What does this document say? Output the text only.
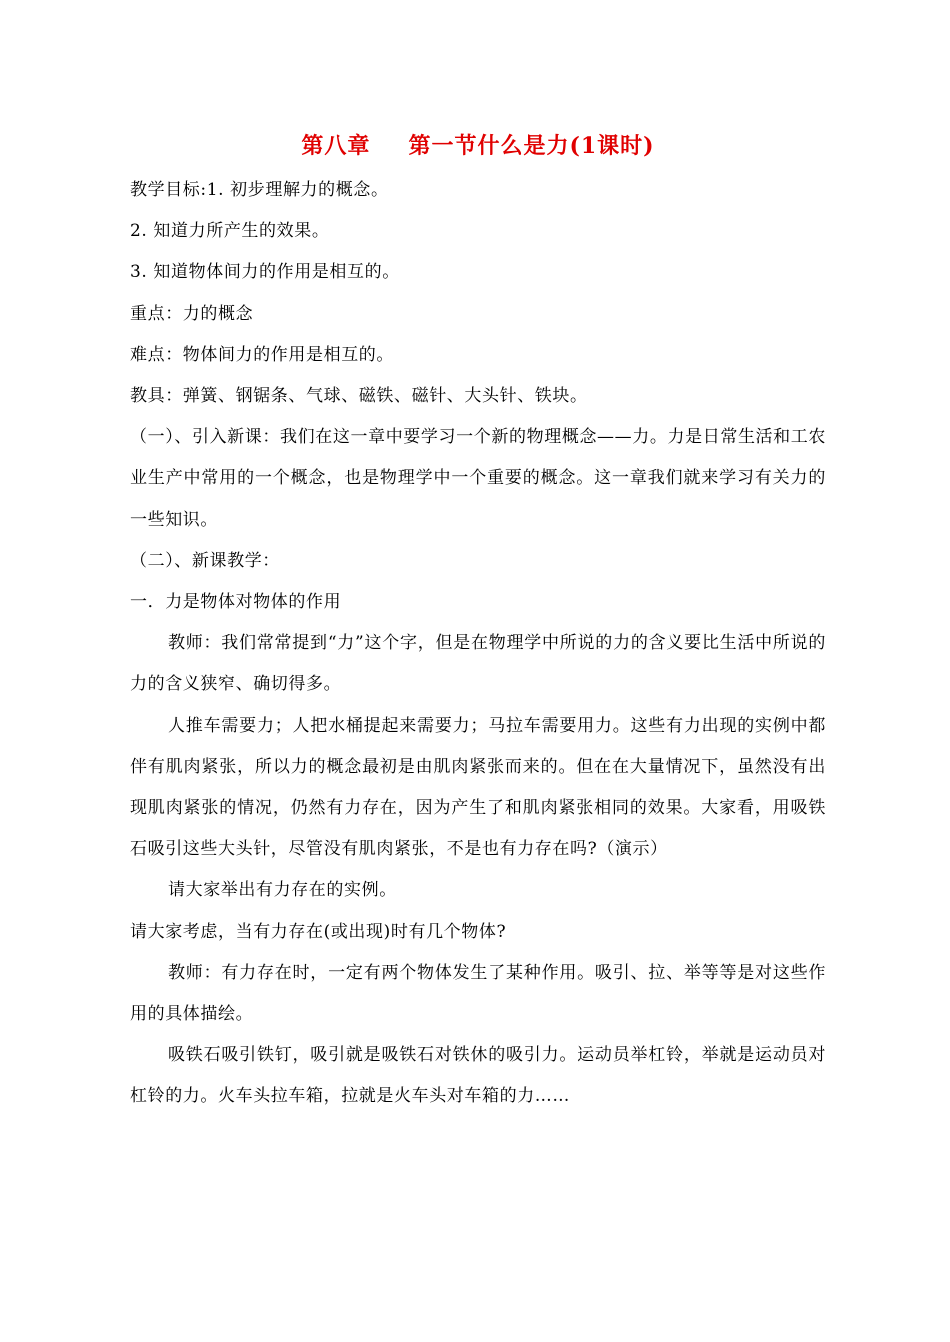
第八章 第一节什么是力(1课时)

教学目标:1. 初步理解力的概念。

2. 知道力所产生的效果。

3. 知道物体间力的作用是相互的。

重点：力的概念

难点：物体间力的作用是相互的。

教具：弹簧、钢锯条、气球、磁铁、磁针、大头针、铁块。

（一）、引入新课：我们在这一章中要学习一个新的物理概念——力。力是日常生活和工农业生产中常用的一个概念，也是物理学中一个重要的概念。这一章我们就来学习有关力的一些知识。

（二）、新课教学：

一．力是物体对物体的作用

教师：我们常常提到“力”这个字，但是在物理学中所说的力的含义要比生活中所说的力的含义狭窄、确切得多。

人推车需要力；人把水桶提起来需要力；马拉车需要用力。这些有力出现的实例中都伴有肌肉紧张，所以力的概念最初是由肌肉紧张而来的。但在在大量情况下，虽然没有出现肌肉紧张的情况，仍然有力存在，因为产生了和肌肉紧张相同的效果。大家看，用吸铁石吸引这些大头针，尽管没有肌肉紧张，不是也有力存在吗?（演示）

请大家举出有力存在的实例。

请大家考虑，当有力存在(或出现)时有几个物体?

教师：有力存在时，一定有两个物体发生了某种作用。吸引、拉、举等等是对这些作用的具体描绘。

吸铁石吸引铁钉，吸引就是吸铁石对铁休的吸引力。运动员举杠铃，举就是运动员对杠铃的力。火车头拉车箱，拉就是火车头对车箱的力……
